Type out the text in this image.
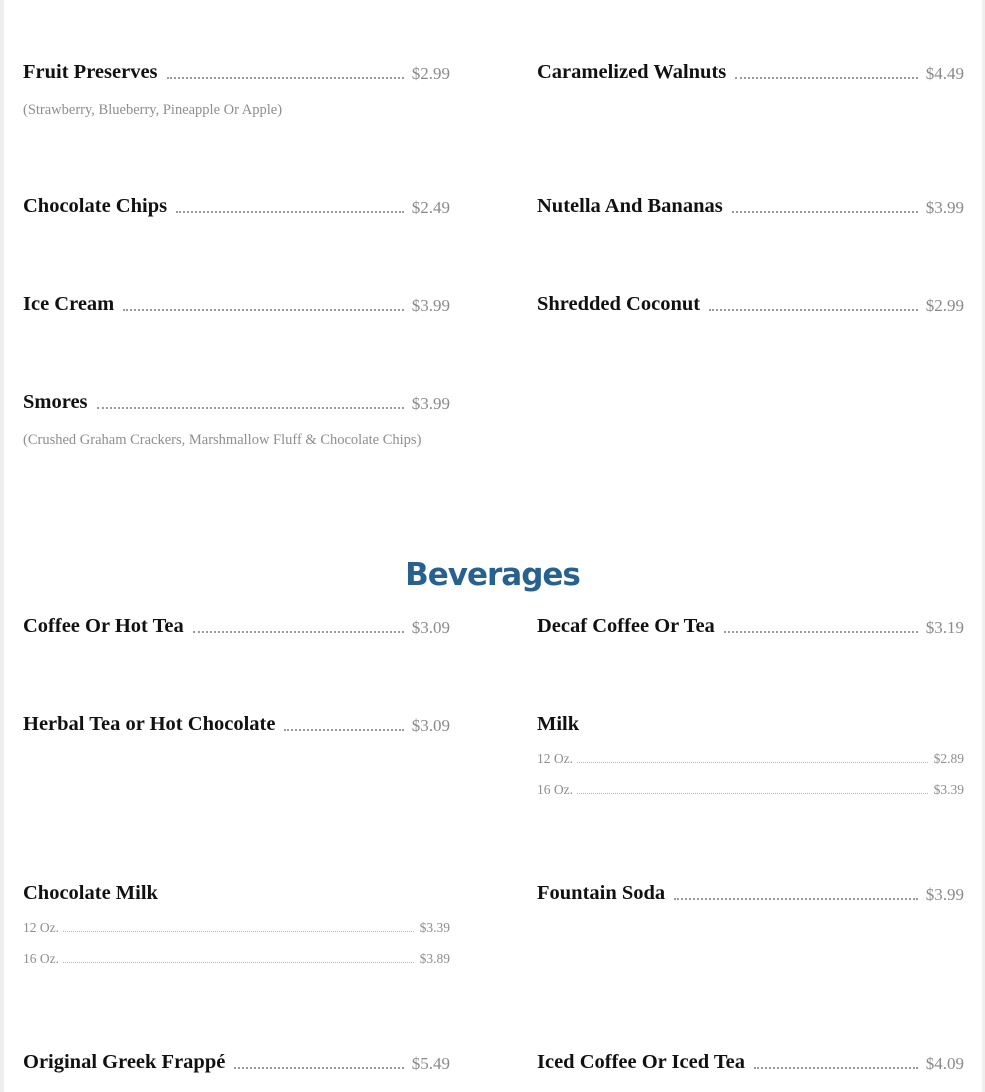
Fruit Preserves	$2.99
(Strawberry, Blueberry, Pineapple Or Apple)
Caramelized Walnuts	$4.49
Chocolate Chips	$2.49	Nutella And Bananas	$3.99
Ice Cream	$3.99	Shredded Coconut	$2.99
Smores	$3.99
(Crushed Graham Crackers, Marshmallow Fluff & Chocolate Chips)
Beverages
Coffee Or Hot Tea	$3.09	Decaf Coffee Or Tea	$3.19
Herbal Tea or Hot Chocolate	$3.09	Milk
12 Oz.	$2.89
16 Oz.	$3.39
Chocolate Milk
12 Oz.	$3.39
16 Oz.	$3.89
Fountain Soda	$3.99
Original Greek Frappé	$5.49	Iced Coffee Or Iced Tea	$4.09
